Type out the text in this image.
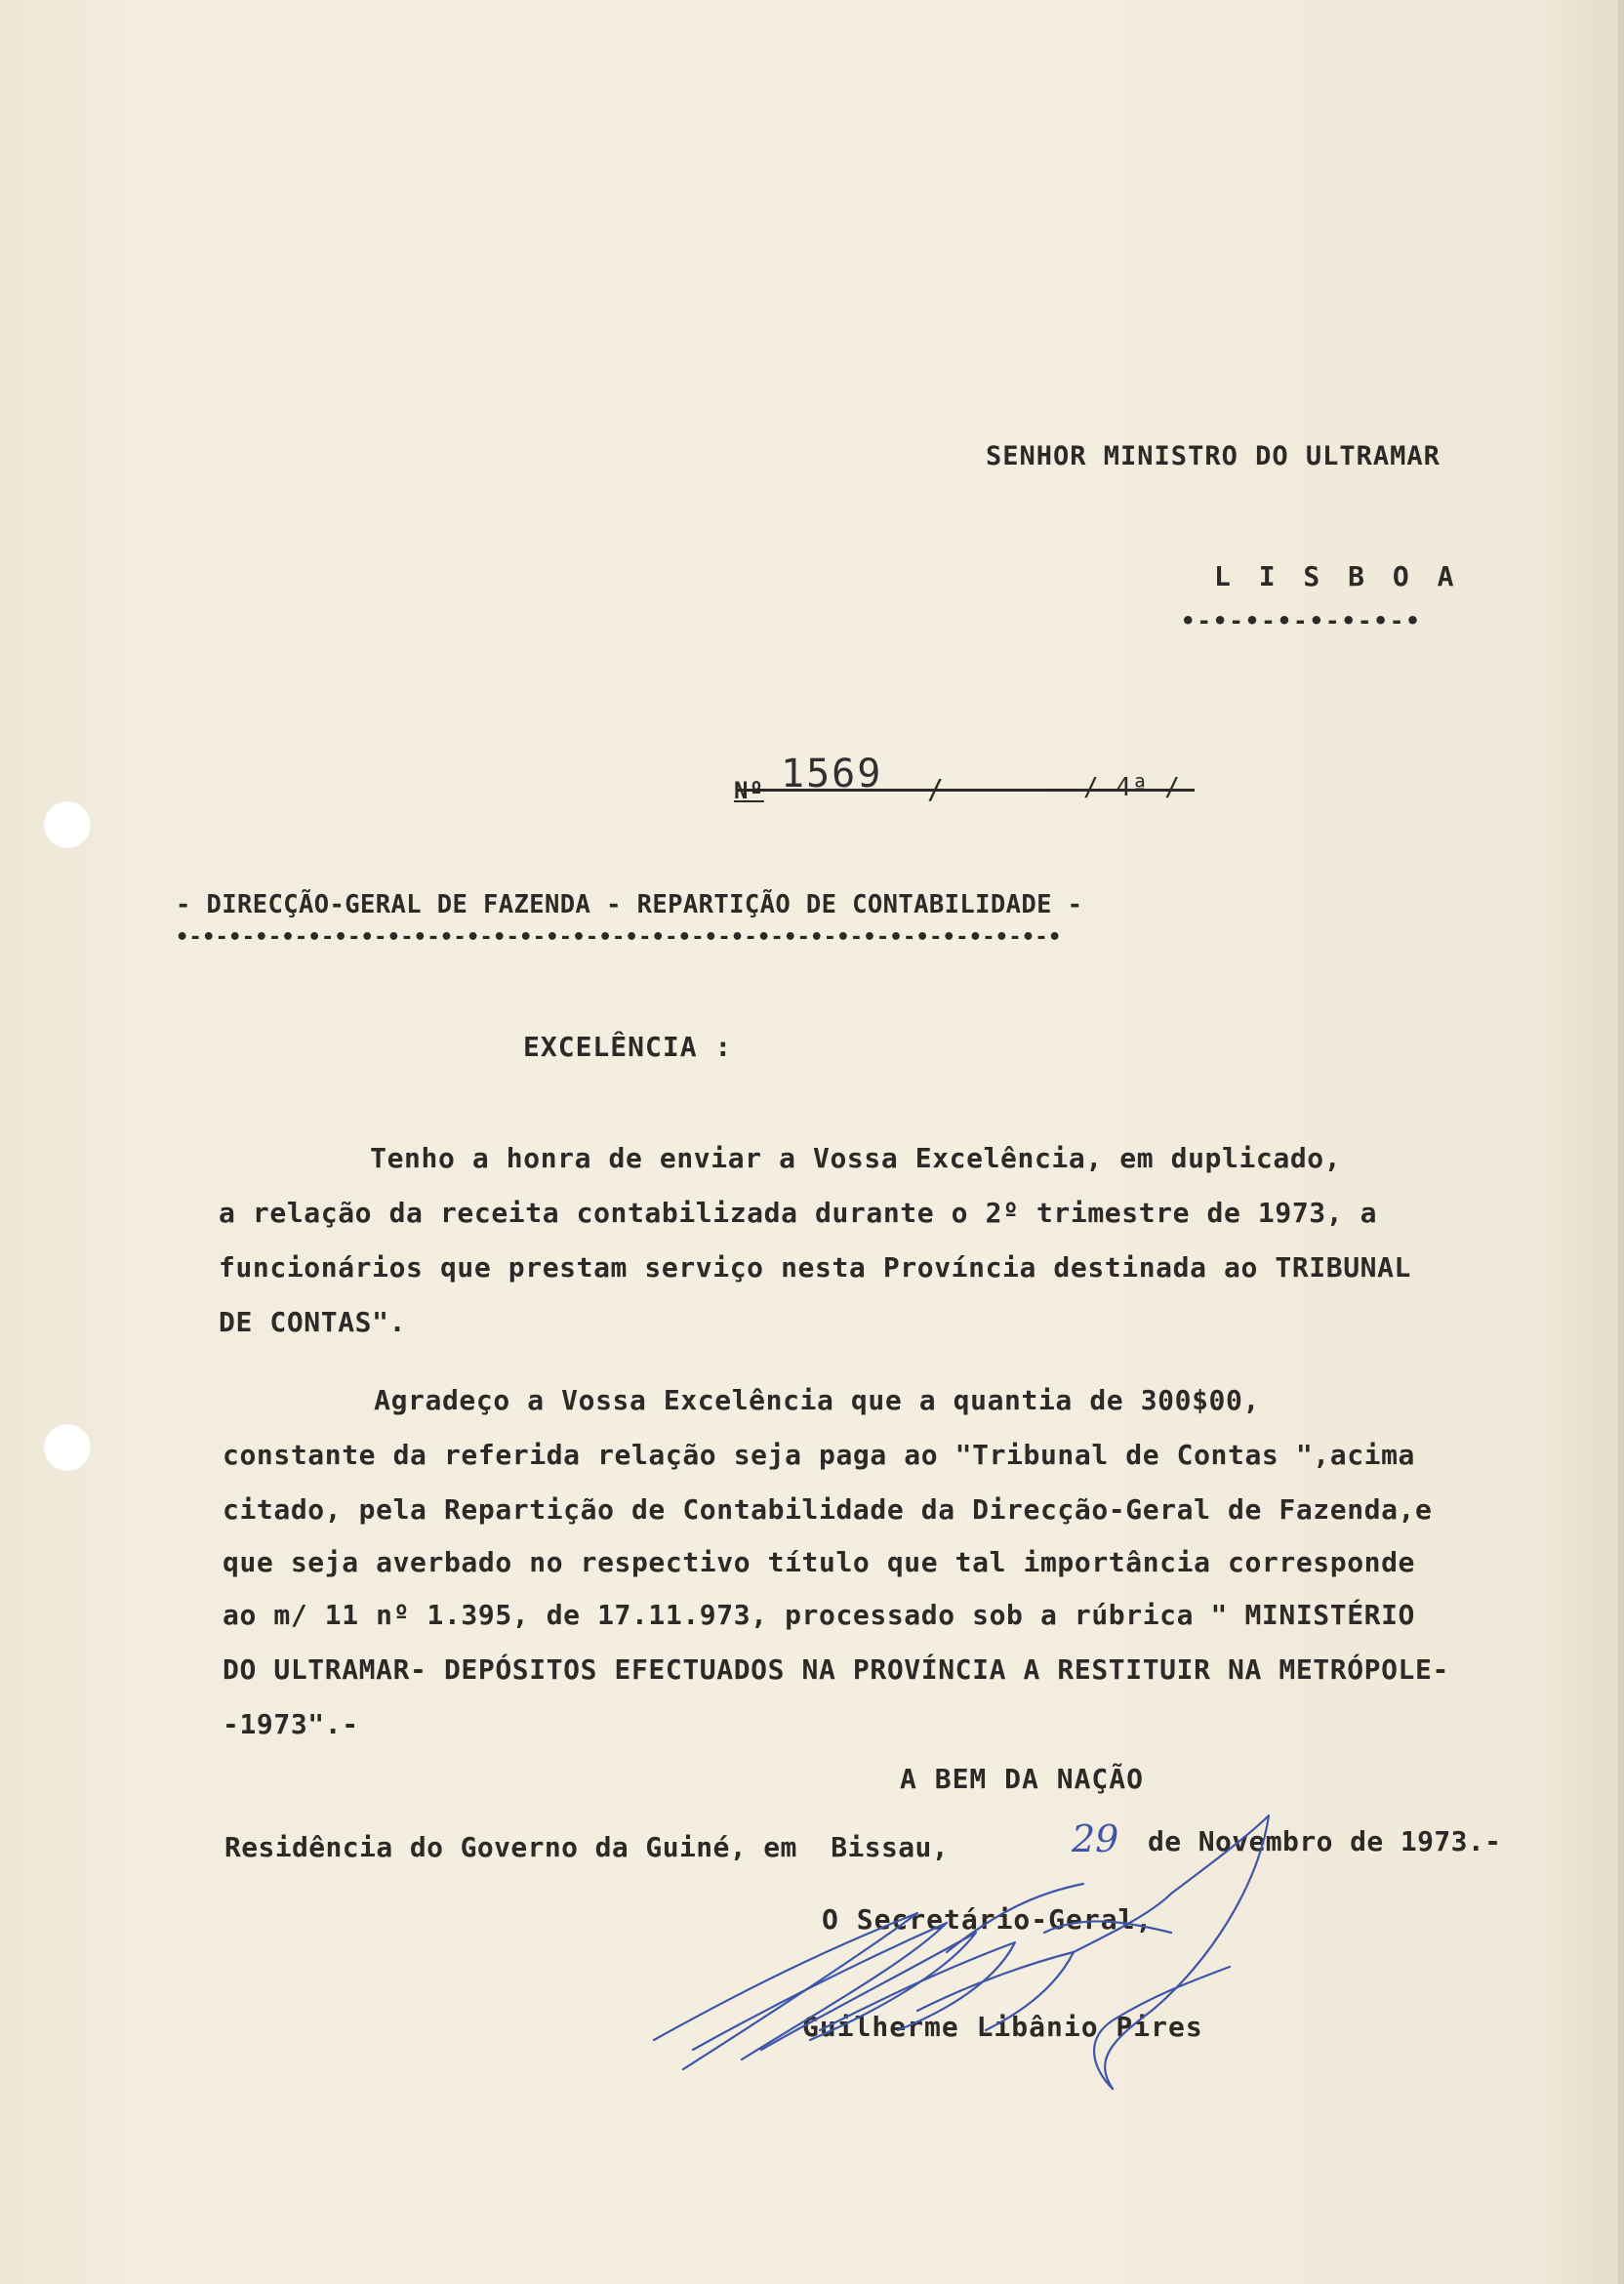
SENHOR MINISTRO DO ULTRAMAR
L I S B O A
•-•-•-•-•-•-•-•
Nº 1569 /	/ 4ª /
- DIRECÇÃO-GERAL DE FAZENDA - REPARTIÇÃO DE CONTABILIDADE -
•-•-•-•-•-•-•-•-•-•-•-•-•-•-•-•-•-•-•-•-•-•-•-•-•-•-•-•-•-•-•-•-•-•
EXCELÊNCIA :
Tenho a honra de enviar a Vossa Excelência, em duplicado,
a relação da receita contabilizada durante o 2º trimestre de 1973, a
funcionários que prestam serviço nesta Província destinada ao TRIBUNAL
DE CONTAS".
Agradeço a Vossa Excelência que a quantia de 300$00,
constante da referida relação seja paga ao "Tribunal de Contas ",acima
citado, pela Repartição de Contabilidade da Direcção-Geral de Fazenda,e
que seja averbado no respectivo título que tal importância corresponde
ao m/ 11 nº 1.395, de 17.11.973, processado sob a rúbrica " MINISTÉRIO
DO ULTRAMAR- DEPÓSITOS EFECTUADOS NA PROVÍNCIA A RESTITUIR NA METRÓPOLE-
-1973".-
A BEM DA NAÇÃO
Residência do Governo da Guiné, em  Bissau,	29 de Novembro de 1973.-
O Secretário-Geral,
Guilherme Libânio Pires
